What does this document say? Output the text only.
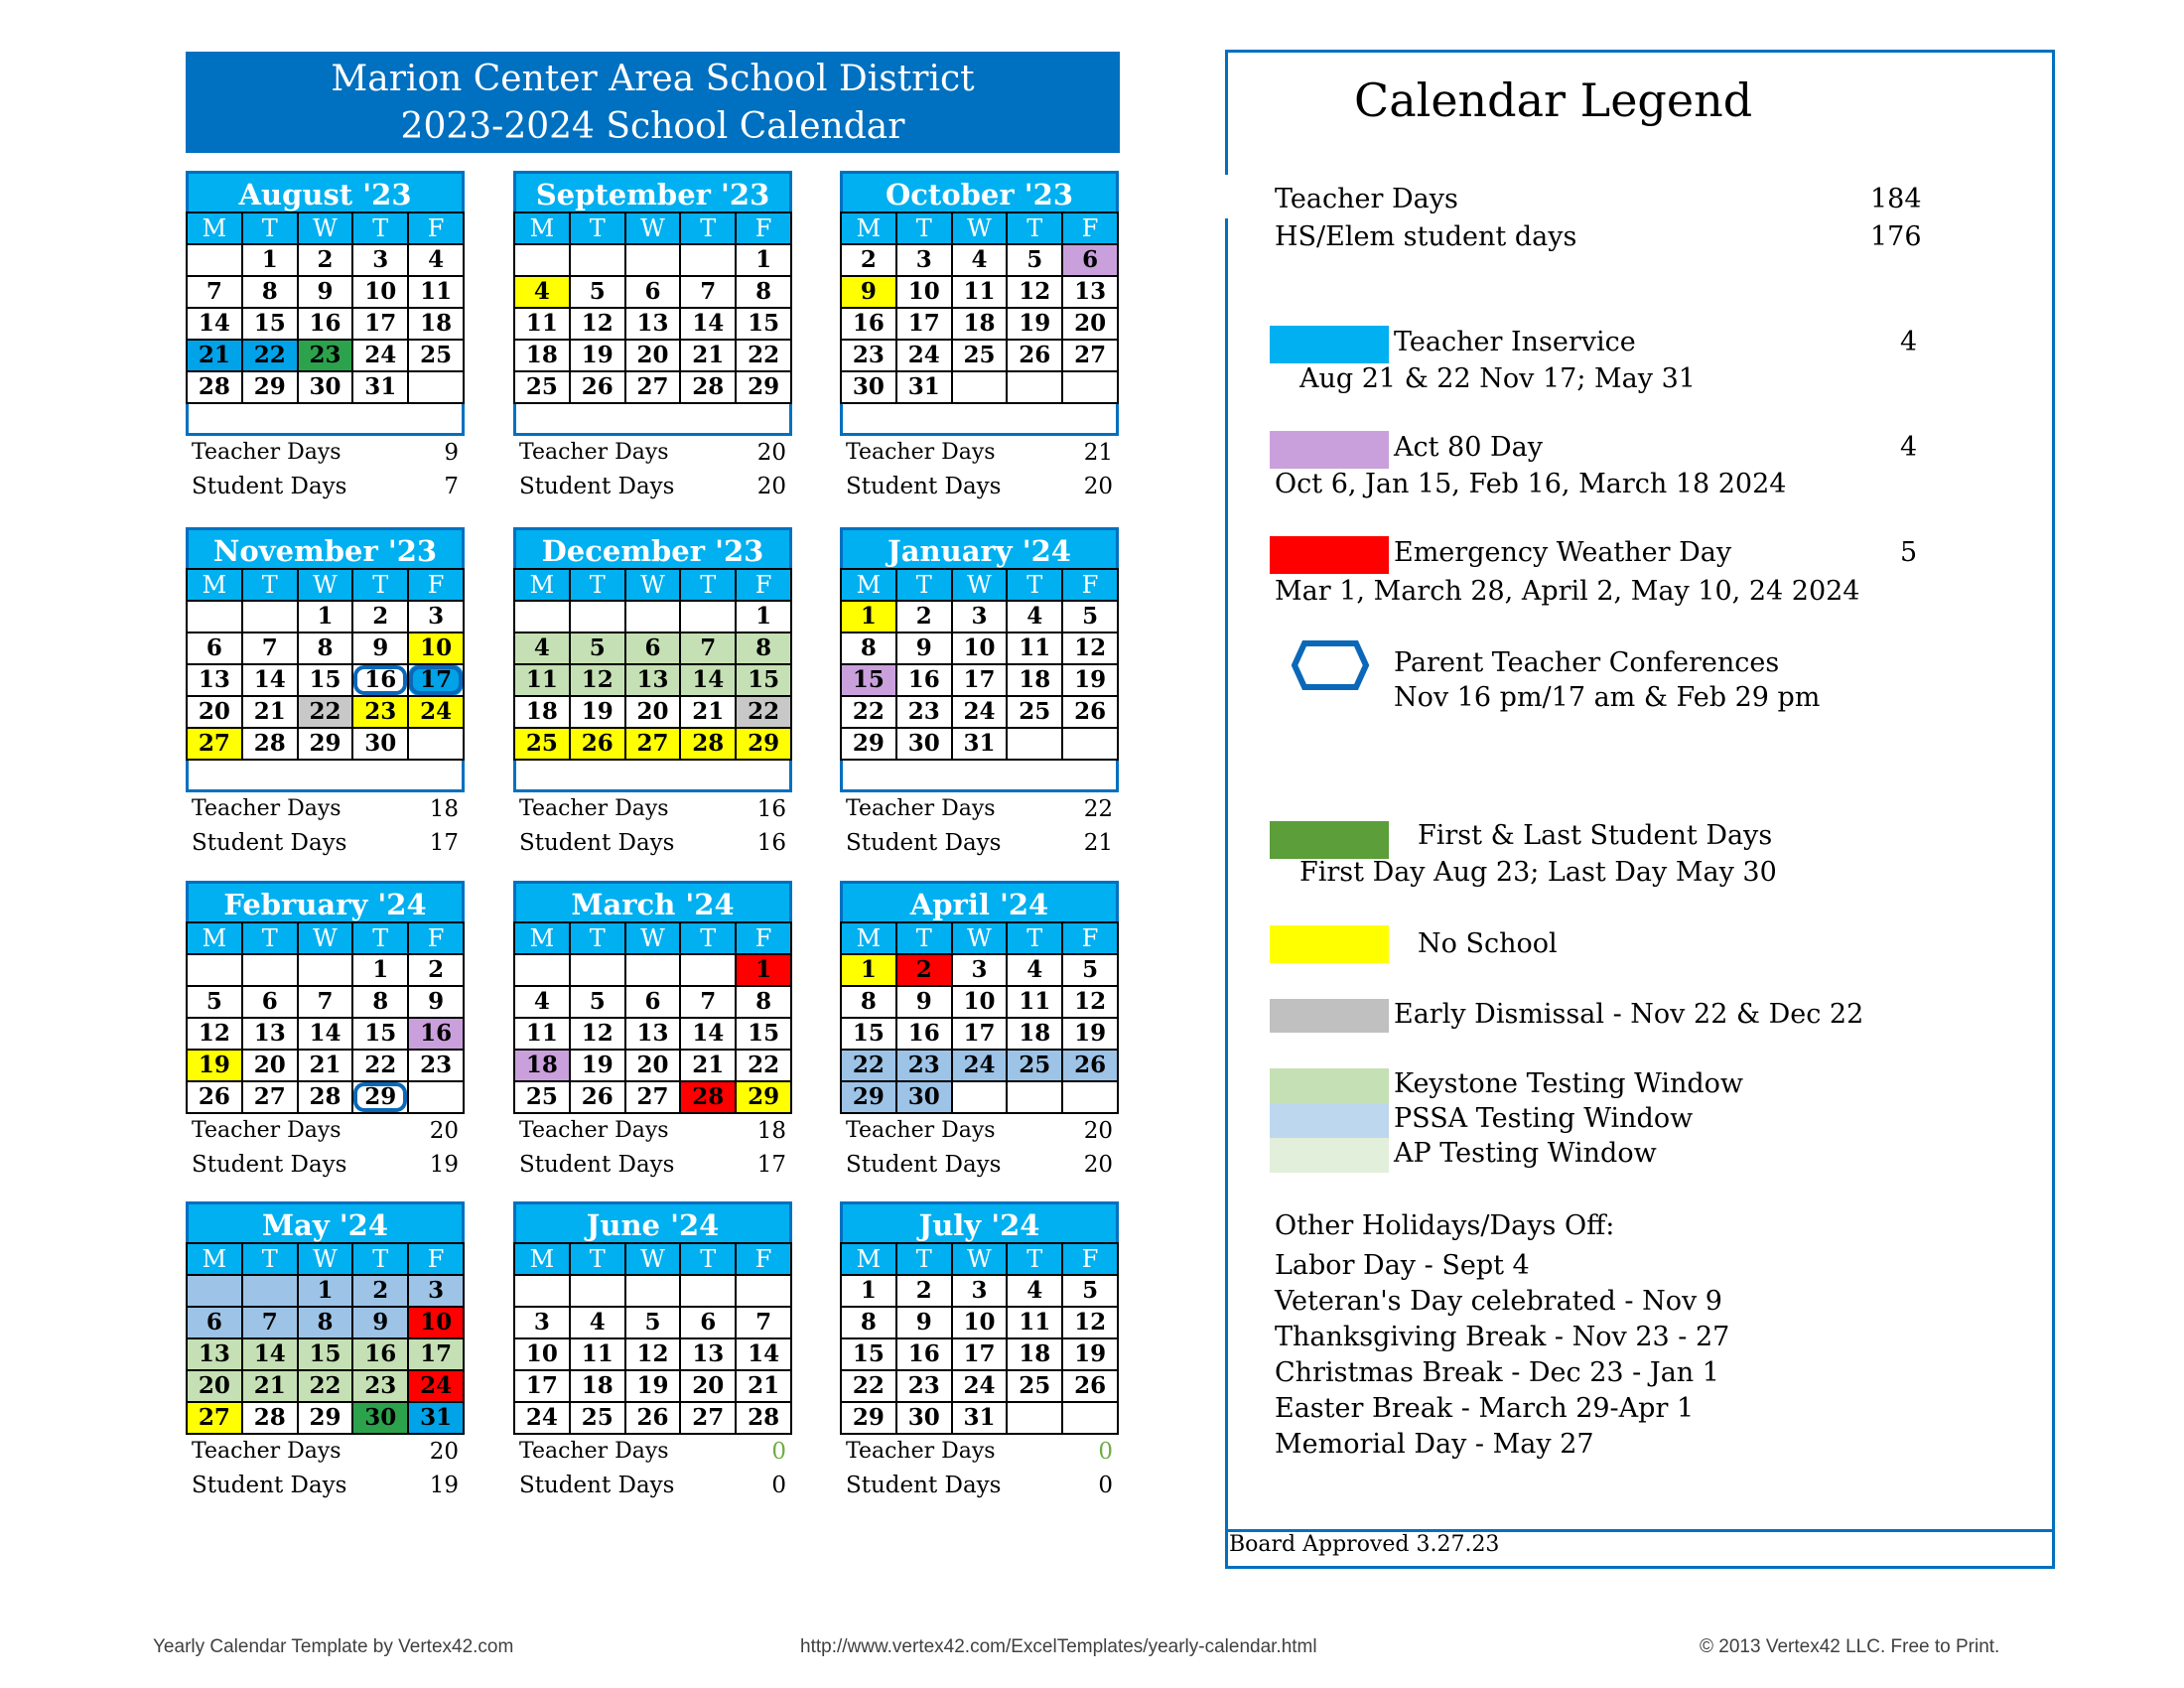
Marion Center Area School District
2023-2024 School Calendar
August '23
M	T	W	T	F
	1	2	3	4
7	8	9	10	11
14	15	16	17	18
21	22	23	24	25
28	29	30	31	
Teacher Days	9
Student Days	7
September '23
M	T	W	T	F
				1
4	5	6	7	8
11	12	13	14	15
18	19	20	21	22
25	26	27	28	29
Teacher Days	20
Student Days	20
October '23
M	T	W	T	F
2	3	4	5	6
9	10	11	12	13
16	17	18	19	20
23	24	25	26	27
30	31			
Teacher Days	21
Student Days	20
November '23
M	T	W	T	F
		1	2	3
6	7	8	9	10
13	14	15	16	17
20	21	22	23	24
27	28	29	30	
Teacher Days	18
Student Days	17
December '23
M	T	W	T	F
				1
4	5	6	7	8
11	12	13	14	15
18	19	20	21	22
25	26	27	28	29
Teacher Days	16
Student Days	16
January '24
M	T	W	T	F
1	2	3	4	5
8	9	10	11	12
15	16	17	18	19
22	23	24	25	26
29	30	31		
Teacher Days	22
Student Days	21
February '24
M	T	W	T	F
			1	2
5	6	7	8	9
12	13	14	15	16
19	20	21	22	23
26	27	28	29	
Teacher Days	20
Student Days	19
March '24
M	T	W	T	F
				1
4	5	6	7	8
11	12	13	14	15
18	19	20	21	22
25	26	27	28	29
Teacher Days	18
Student Days	17
April '24
M	T	W	T	F
1	2	3	4	5
8	9	10	11	12
15	16	17	18	19
22	23	24	25	26
29	30			
Teacher Days	20
Student Days	20
May '24
M	T	W	T	F
		1	2	3
6	7	8	9	10
13	14	15	16	17
20	21	22	23	24
27	28	29	30	31
Teacher Days	20
Student Days	19
June '24
M	T	W	T	F

3	4	5	6	7
10	11	12	13	14
17	18	19	20	21
24	25	26	27	28
Teacher Days	0
Student Days	0
July '24
M	T	W	T	F
1	2	3	4	5
8	9	10	11	12
15	16	17	18	19
22	23	24	25	26
29	30	31		
Teacher Days	0
Student Days	0
Calendar Legend
Teacher Days	184
HS/Elem student days	176
Teacher Inservice	4
Aug 21 & 22 Nov 17; May 31
Act 80 Day	4
Oct 6, Jan 15, Feb 16, March 18 2024
Emergency Weather Day	5
Mar 1, March 28, April 2, May 10, 24 2024
Parent Teacher Conferences
Nov 16 pm/17 am & Feb 29 pm
First & Last Student Days
First Day Aug 23; Last Day May 30
No School
Early Dismissal - Nov 22 & Dec 22
Keystone Testing Window
PSSA Testing Window
AP Testing Window
Other Holidays/Days Off:
Labor Day - Sept 4
Veteran's Day celebrated - Nov 9
Thanksgiving Break - Nov 23 - 27
Christmas Break - Dec 23 - Jan 1
Easter Break - March 29-Apr 1
Memorial Day - May 27
Board Approved 3.27.23
Yearly Calendar Template by Vertex42.com	http://www.vertex42.com/ExcelTemplates/yearly-calendar.html	© 2013 Vertex42 LLC. Free to Print.
